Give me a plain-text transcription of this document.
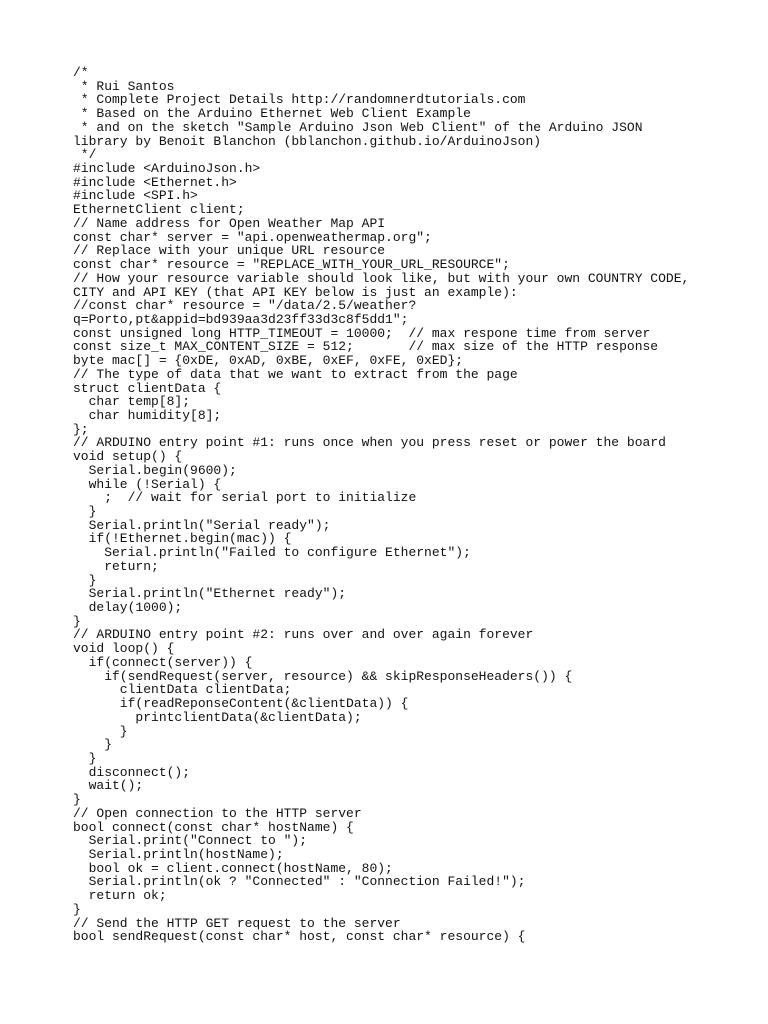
/*
* Rui Santos
* Complete Project Details http://randomnerdtutorials.com
* Based on the Arduino Ethernet Web Client Example
* and on the sketch "Sample Arduino Json Web Client" of the Arduino JSON
library by Benoit Blanchon (bblanchon.github.io/ArduinoJson)
*/
#include <ArduinoJson.h>
#include <Ethernet.h>
#include <SPI.h>
EthernetClient client;
// Name address for Open Weather Map API
const char* server = "api.openweathermap.org";
// Replace with your unique URL resource
const char* resource = "REPLACE_WITH_YOUR_URL_RESOURCE";
// How your resource variable should look like, but with your own COUNTRY CODE,
CITY and API KEY (that API KEY below is just an example):
//const char* resource = "/data/2.5/weather?
q=Porto,pt&appid=bd939aa3d23ff33d3c8f5dd1";
const unsigned long HTTP_TIMEOUT = 10000;  // max respone time from server
const size_t MAX_CONTENT_SIZE = 512;       // max size of the HTTP response
byte mac[] = {0xDE, 0xAD, 0xBE, 0xEF, 0xFE, 0xED};
// The type of data that we want to extract from the page
struct clientData {
char temp[8];
char humidity[8];
};
// ARDUINO entry point #1: runs once when you press reset or power the board
void setup() {
Serial.begin(9600);
while (!Serial) {
;  // wait for serial port to initialize
}
Serial.println("Serial ready");
if(!Ethernet.begin(mac)) {
Serial.println("Failed to configure Ethernet");
return;
}
Serial.println("Ethernet ready");
delay(1000);
}
// ARDUINO entry point #2: runs over and over again forever
void loop() {
if(connect(server)) {
if(sendRequest(server, resource) && skipResponseHeaders()) {
clientData clientData;
if(readReponseContent(&clientData)) {
printclientData(&clientData);
}
}
}
disconnect();
wait();
}
// Open connection to the HTTP server
bool connect(const char* hostName) {
Serial.print("Connect to ");
Serial.println(hostName);
bool ok = client.connect(hostName, 80);
Serial.println(ok ? "Connected" : "Connection Failed!");
return ok;
}
// Send the HTTP GET request to the server
bool sendRequest(const char* host, const char* resource) {
